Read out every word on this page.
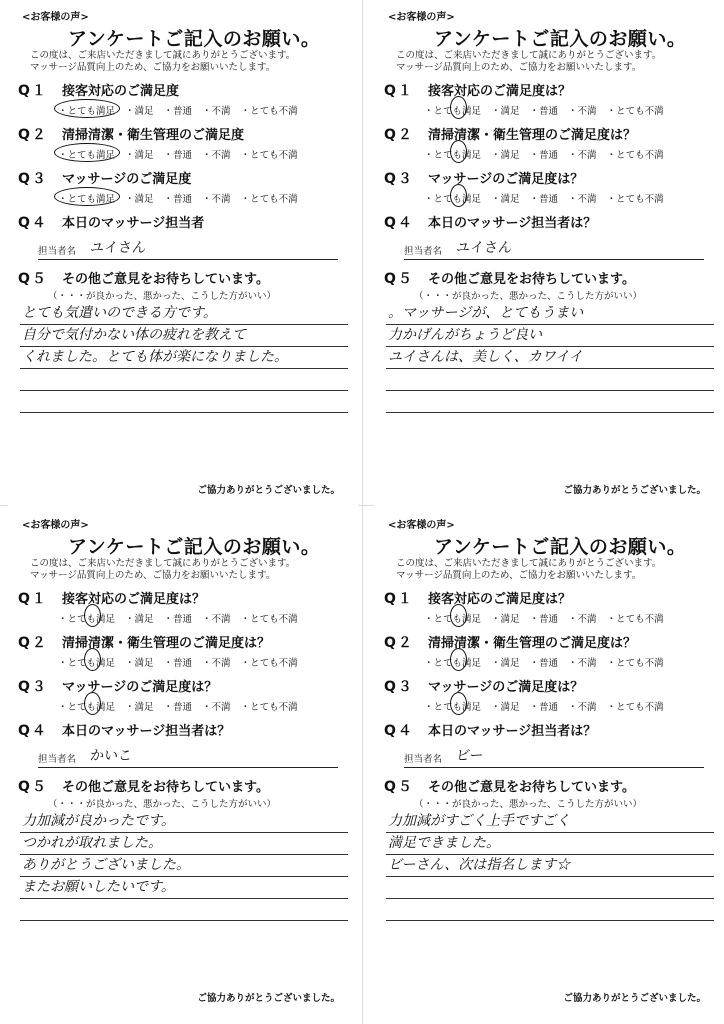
<お客様の声>
アンケートご記入のお願い。
この度は、ご来店いただきまして誠にありがとうございます。
マッサージ品質向上のため、ご協力をお願いいたします。
Q１	接客対応のご満足度
・とても満足	・満足	・普通	・不満	・とても不満
Q２	清掃清潔・衛生管理のご満足度
・とても満足	・満足	・普通	・不満	・とても不満
Q３	マッサージのご満足度
・とても満足	・満足	・普通	・不満	・とても不満
Q４	本日のマッサージ担当者
担当者名 ユイさん
Q５	その他ご意見をお待ちしています。
（・・・が良かった、悪かった、こうした方がいい）
とても気遣いのできる方です。
自分で気付かない体の疲れを教えて
くれました。とても体が楽になりました。
ご協力ありがとうございました。
<お客様の声>
アンケートご記入のお願い。
この度は、ご来店いただきまして誠にありがとうございます。
マッサージ品質向上のため、ご協力をお願いいたします。
Q１	接客対応のご満足度は？
・とても満足	・満足	・普通	・不満	・とても不満
Q２	清掃清潔・衛生管理のご満足度は？
・とても満足	・満足	・普通	・不満	・とても不満
Q３	マッサージのご満足度は？
・とても満足	・満足	・普通	・不満	・とても不満
Q４	本日のマッサージ担当者は？
担当者名 ユイさん
Q５	その他ご意見をお待ちしています。
（・・・が良かった、悪かった、こうした方がいい）
。マッサージが、とてもうまい
力かげんがちょうど良い
ユイさんは、美しく、カワイイ
ご協力ありがとうございました。
<お客様の声>
アンケートご記入のお願い。
この度は、ご来店いただきまして誠にありがとうございます。
マッサージ品質向上のため、ご協力をお願いいたします。
Q１	接客対応のご満足度は？
・とても満足	・満足	・普通	・不満	・とても不満
Q２	清掃清潔・衛生管理のご満足度は？
・とても満足	・満足	・普通	・不満	・とても不満
Q３	マッサージのご満足度は？
・とても満足	・満足	・普通	・不満	・とても不満
Q４	本日のマッサージ担当者は？
担当者名 かいこ
Q５	その他ご意見をお待ちしています。
（・・・が良かった、悪かった、こうした方がいい）
力加減が良かったです。
つかれが取れました。
ありがとうございました。
またお願いしたいです。
ご協力ありがとうございました。
<お客様の声>
アンケートご記入のお願い。
この度は、ご来店いただきまして誠にありがとうございます。
マッサージ品質向上のため、ご協力をお願いいたします。
Q１	接客対応のご満足度は？
・とても満足	・満足	・普通	・不満	・とても不満
Q２	清掃清潔・衛生管理のご満足度は？
・とても満足	・満足	・普通	・不満	・とても不満
Q３	マッサージのご満足度は？
・とても満足	・満足	・普通	・不満	・とても不満
Q４	本日のマッサージ担当者は？
担当者名 ビー
Q５	その他ご意見をお待ちしています。
（・・・が良かった、悪かった、こうした方がいい）
力加減がすごく上手ですごく
満足できました。
ビーさん、次は指名します☆
ご協力ありがとうございました。
